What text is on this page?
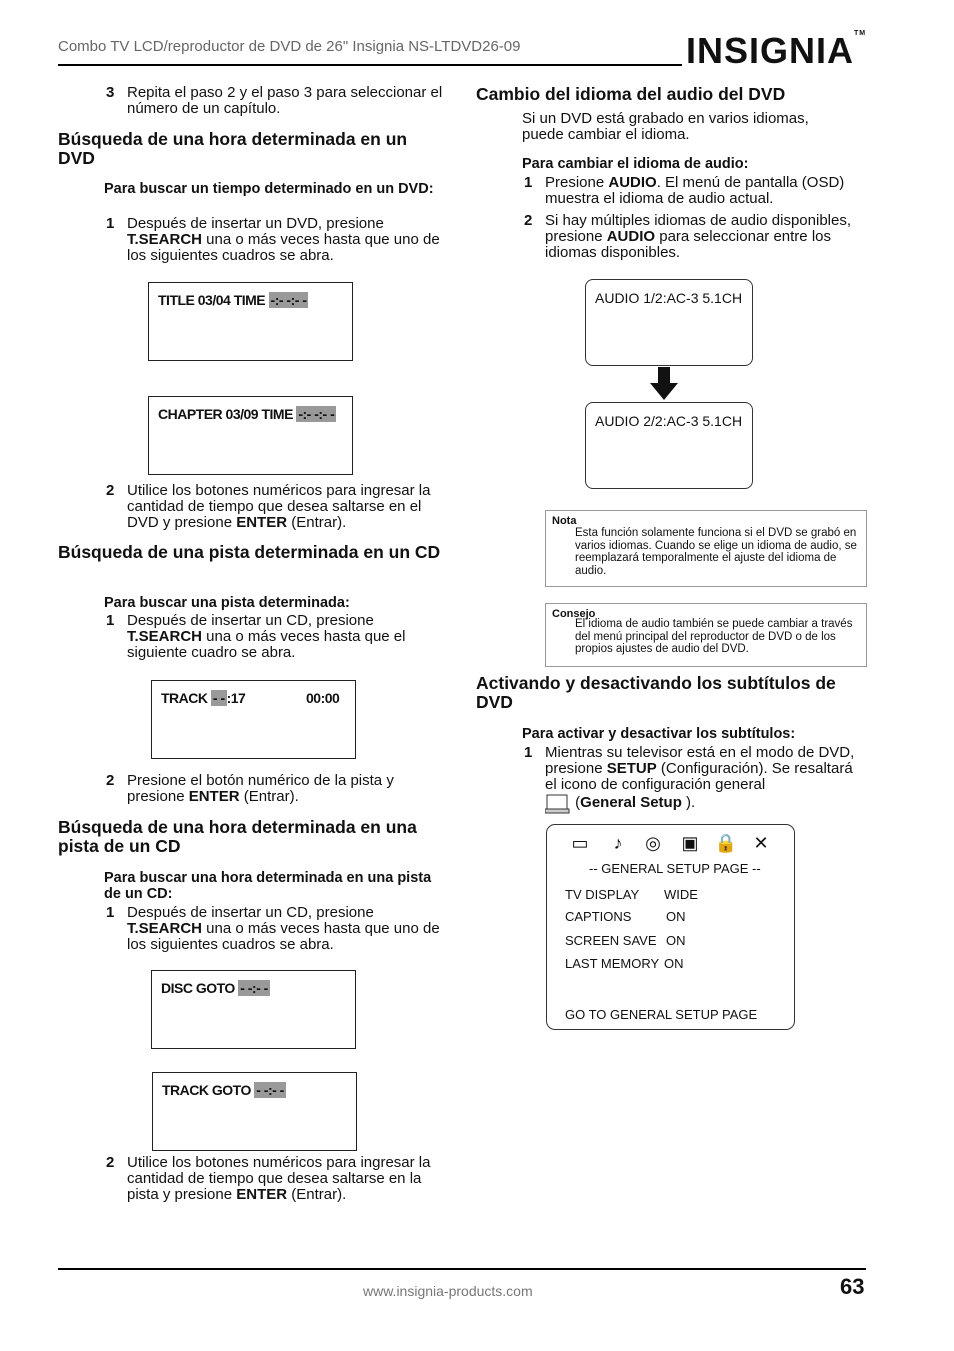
Combo TV LCD/reproductor de DVD de 26" Insignia NS-LTDVD26-09	INSIGNIA™
3 Repita el paso 2 y el paso 3 para seleccionar el número de un capítulo.
Búsqueda de una hora determinada en un DVD
Para buscar un tiempo determinado en un DVD:
1 Después de insertar un DVD, presione
T.SEARCH una o más veces hasta que uno de los siguientes cuadros se abra.
TITLE 03/04 TIME -:- -:- -
CHAPTER 03/09 TIME -:- -:- -
2 Utilice los botones numéricos para ingresar la cantidad de tiempo que desea saltarse en el DVD y presione ENTER (Entrar).
Búsqueda de una pista determinada en un CD
Para buscar una pista determinada:
1 Después de insertar un CD, presione
T.SEARCH una o más veces hasta que el siguiente cuadro se abra.
TRACK - - :17	00:00
2 Presione el botón numérico de la pista y presione ENTER (Entrar).
Búsqueda de una hora determinada en una pista de un CD
Para buscar una hora determinada en una pista de un CD:
1 Después de insertar un CD, presione
T.SEARCH una o más veces hasta que uno de los siguientes cuadros se abra.
DISC GOTO - -:- -
TRACK GOTO - -:- -
2 Utilice los botones numéricos para ingresar la cantidad de tiempo que desea saltarse en la pista y presione ENTER (Entrar).
Cambio del idioma del audio del DVD
Si un DVD está grabado en varios idiomas, puede cambiar el idioma.
Para cambiar el idioma de audio:
1 Presione AUDIO. El menú de pantalla (OSD) muestra el idioma de audio actual.
2 Si hay múltiples idiomas de audio disponibles, presione AUDIO para seleccionar entre los idiomas disponibles.
AUDIO 1/2:AC-3 5.1CH
AUDIO 2/2:AC-3 5.1CH
Nota
Esta función solamente funciona si el DVD se grabó en varios idiomas. Cuando se elige un idioma de audio, se reemplazará temporalmente el ajuste del idioma de audio.
Consejo
El idioma de audio también se puede cambiar a través del menú principal del reproductor de DVD o de los propios ajustes de audio del DVD.
Activando y desactivando los subtítulos de DVD
Para activar y desactivar los subtítulos:
1 Mientras su televisor está en el modo de DVD, presione SETUP (Configuración). Se resaltará el icono de configuración general
(General Setup ).
▭	♪	◎ ▣ 🔒 ✕
-- GENERAL SETUP PAGE --
TV DISPLAY WIDE
CAPTIONS	ON
SCREEN SAVE ON
LAST MEMORY ON
GO TO GENERAL SETUP PAGE
www.insignia-products.com	63
